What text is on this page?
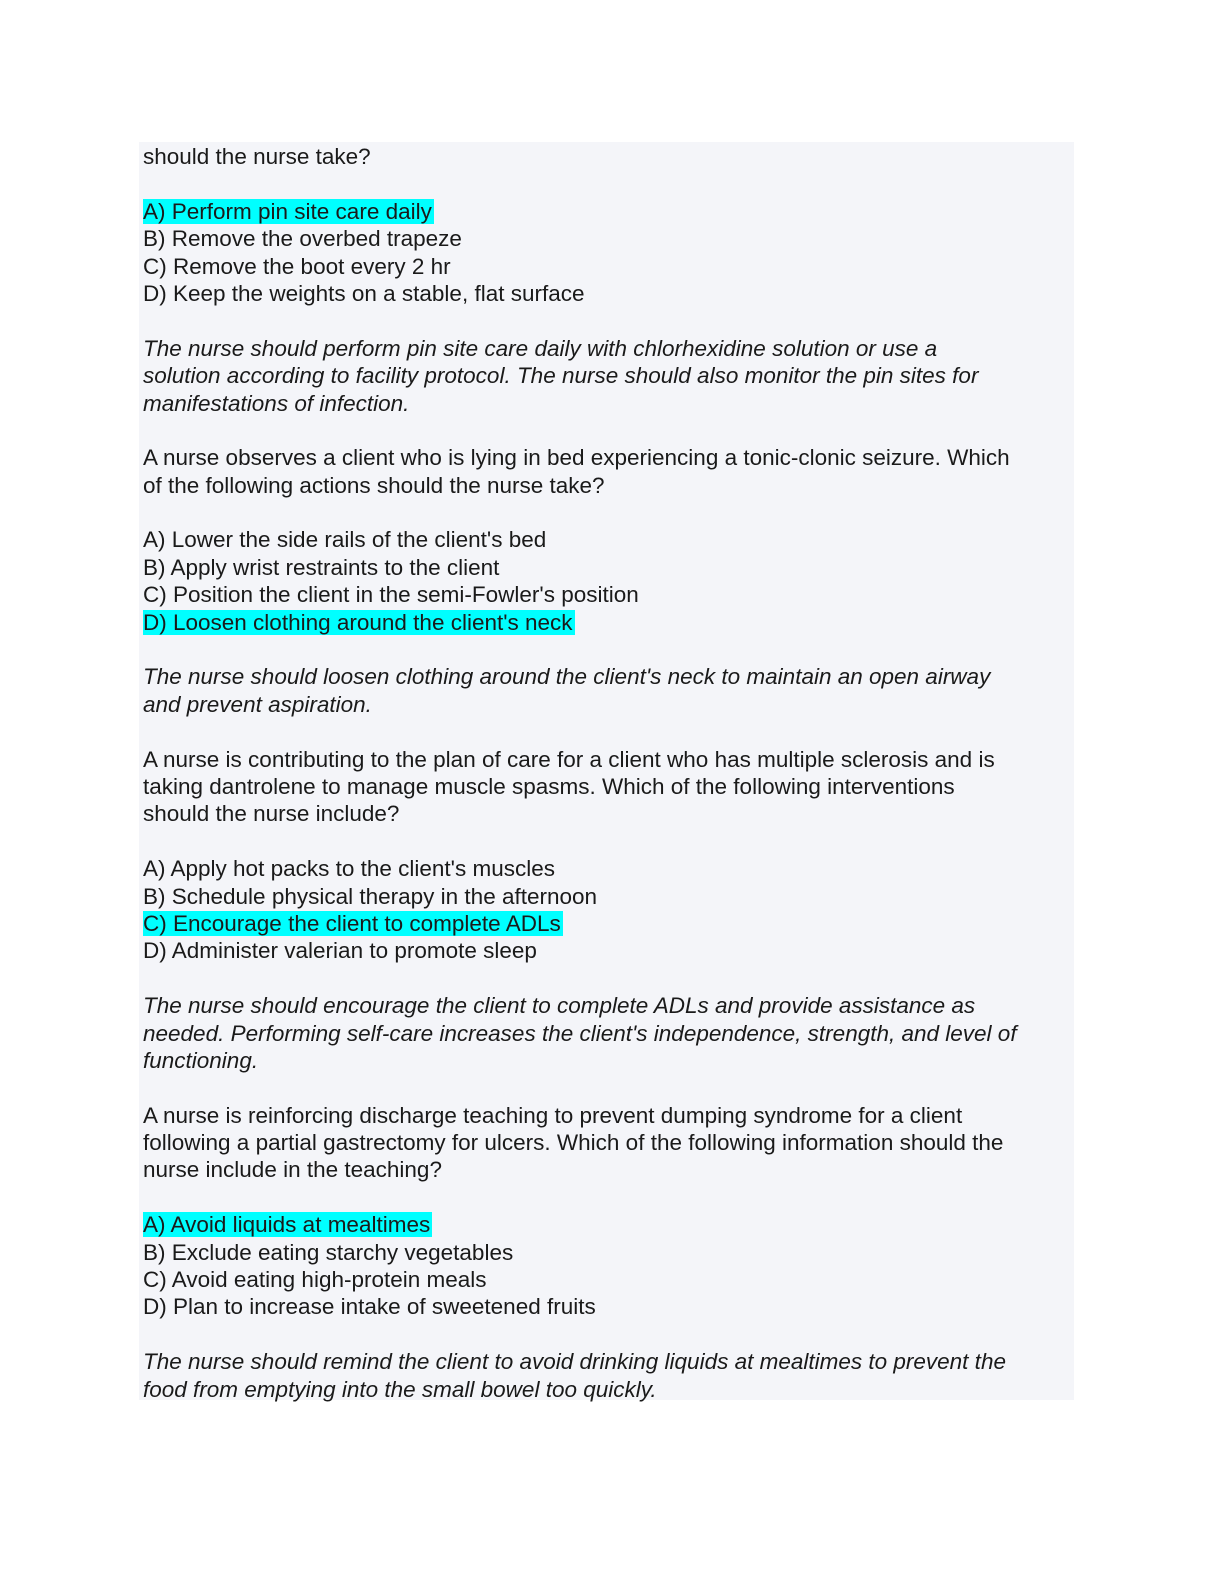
should the nurse take?
A) Perform pin site care daily
B) Remove the overbed trapeze
C) Remove the boot every 2 hr
D) Keep the weights on a stable, flat surface
The nurse should perform pin site care daily with chlorhexidine solution or use a
solution according to facility protocol. The nurse should also monitor the pin sites for
manifestations of infection.
A nurse observes a client who is lying in bed experiencing a tonic-clonic seizure. Which
of the following actions should the nurse take?
A) Lower the side rails of the client's bed
B) Apply wrist restraints to the client
C) Position the client in the semi-Fowler's position
D) Loosen clothing around the client's neck
The nurse should loosen clothing around the client's neck to maintain an open airway
and prevent aspiration.
A nurse is contributing to the plan of care for a client who has multiple sclerosis and is
taking dantrolene to manage muscle spasms. Which of the following interventions
should the nurse include?
A) Apply hot packs to the client's muscles
B) Schedule physical therapy in the afternoon
C) Encourage the client to complete ADLs
D) Administer valerian to promote sleep
The nurse should encourage the client to complete ADLs and provide assistance as
needed. Performing self-care increases the client's independence, strength, and level of
functioning.
A nurse is reinforcing discharge teaching to prevent dumping syndrome for a client
following a partial gastrectomy for ulcers. Which of the following information should the
nurse include in the teaching?
A) Avoid liquids at mealtimes
B) Exclude eating starchy vegetables
C) Avoid eating high-protein meals
D) Plan to increase intake of sweetened fruits
The nurse should remind the client to avoid drinking liquids at mealtimes to prevent the
food from emptying into the small bowel too quickly.
